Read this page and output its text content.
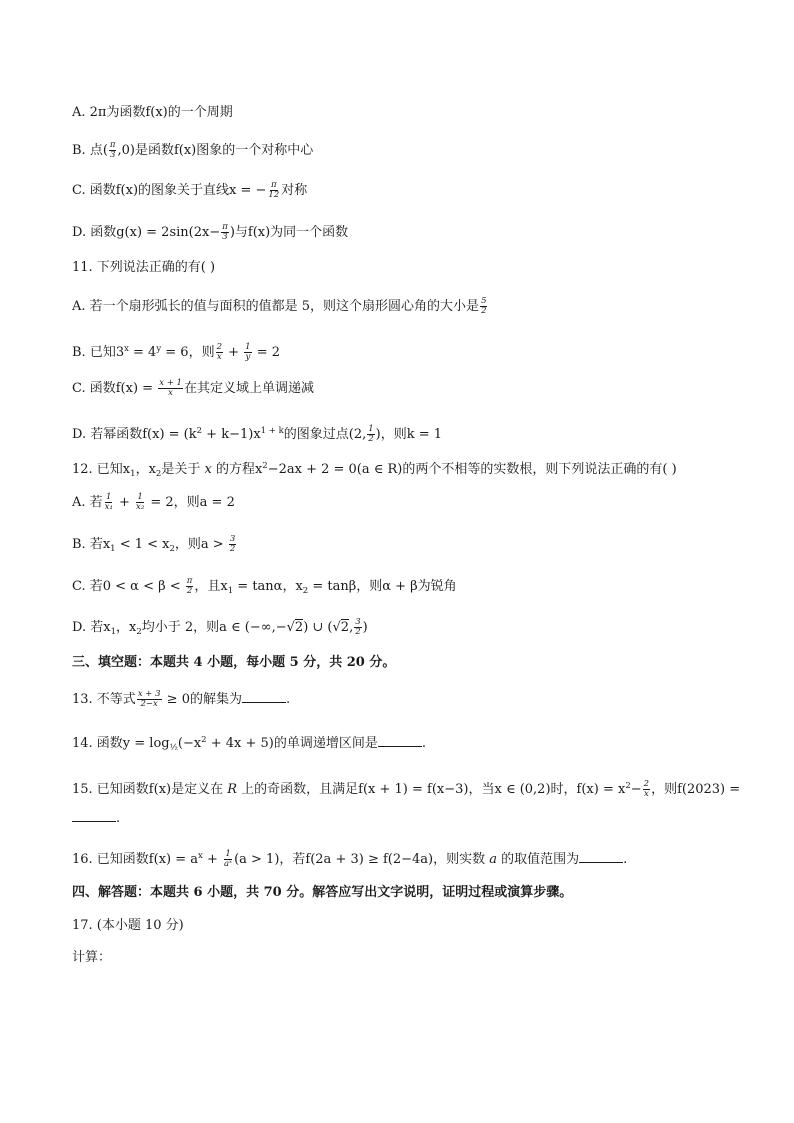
A. 2π为函数f(x)的一个周期
B. 点( $\frac{\pi}{3} ,0$)是函数f(x)图象的一个对称中心
C. 函数f(x)的图象关于直线x = − $\frac{\pi}{12}$ 对称
D. 函数$g(x) = 2\sin(2x- \frac{\pi}{3}$ )与f(x)为同一个函数
11. 下列说法正确的有( )
A. 若一个扇形弧长的值与面积的值都是 5，则这个扇形圆心角的大小是 $\frac{5}{2}$
B. 已知$3^x = 4^y = 6$，则 $\frac{2}{x} + \frac{1}{y} = 2$
C. 函数$f(x) = \frac{x + 1}{x}$ 在其定义域上单调递减
D. 若幂函数$f(x) = (k^2 + k-1)x^{1 + k}$的图象过点(2, $\frac{1}{2}$ )，则k = 1
12. 已知$x_1$，$x_2$是关于 x 的方程$x^2-2ax + 2 = 0(a$ ∈ R)的两个不相等的实数根，则下列说法正确的有( )
A. 若 $\frac{1}{\text{x₁}} + \frac{1}{\text{x₂}} = 2$，则a = 2
B. 若$x_1 < 1 < x_2$，则$a > \frac{3}{2}$
C. 若$0 < \alpha < \beta < \frac{\pi}{2}$ ，且$x_1 = \tan\alpha$，$x_2 = \tan\beta$，则α + β为锐角
D. 若$x_1$，$x_2$均小于 2，则a ∈ (−∞,−√2) ∪ (√2, $\frac{3}{2}$ )
三、填空题：本题共 4 小题，每小题 5 分，共 20 分。
13. 不等式 $\frac{x + 3}{2-x} \ge 0$的解集为	.
14. 函数$y = \log_{\frac{1}{2}}(-x^2 + 4x + 5)$的单调递增区间是	.
15. 已知函数f(x)是定义在 R 上的奇函数，且满足f(x + 1) = f(x−3)，当x ∈ (0,2)时，$f(x) = x^2- \frac{2}{x}$ ，则f(2023) =
.
16. 已知函数$f(x) = a^x + \frac{1}{\text{aˣ}} (a > 1)$，若f(2a + 3) ≥ f(2−4a)，则实数 a 的取值范围为	.
四、解答题：本题共 6 小题，共 70 分。解答应写出文字说明，证明过程或演算步骤。
17. (本小题 10 分)
计算：
